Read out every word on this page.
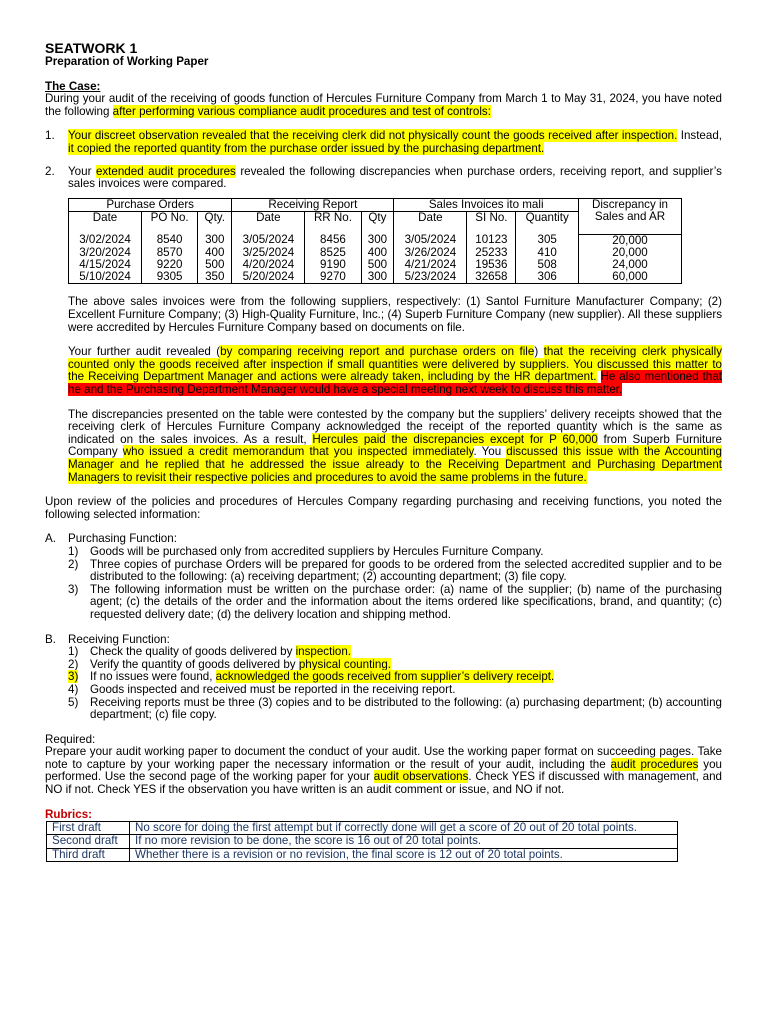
SEATWORK 1
Preparation of Working Paper
The Case:

During your audit of the receiving of goods function of Hercules Furniture Company from March 1 to May 31, 2024, you have noted the following after performing various compliance audit procedures and test of controls:

1.	Your discreet observation revealed that the receiving clerk did not physically count the goods received after inspection. Instead, it copied the reported quantity from the purchase order issued by the purchasing department.
2.	Your extended audit procedures revealed the following discrepancies when purchase orders, receiving report, and supplier’s sales invoices were compared.
Purchase Orders			Receiving Report			Sales Invoices ito mali			Discrepancy in
Sales and AR
Date	PO No.	Qty.	Date	RR No.	Qty	Date	SI No.	Quantity	

3/02/2024	8540	300	3/05/2024	8456	300	3/05/2024	10123	305	20,000
3/20/2024	8570	400	3/25/2024	8525	400	3/26/2024	25233	410	20,000
4/15/2024	9220	500	4/20/2024	9190	500	4/21/2024	19536	508	24,000
5/10/2024	9305	350	5/20/2024	9270	300	5/23/2024	32658	306	60,000

The above sales invoices were from the following suppliers, respectively: (1) Santol Furniture Manufacturer Company; (2) Excellent Furniture Company; (3) High-Quality Furniture, Inc.; (4) Superb Furniture Company (new supplier). All these suppliers were accredited by Hercules Furniture Company based on documents on file.

Your further audit revealed (by comparing receiving report and purchase orders on file) that the receiving clerk physically counted only the goods received after inspection if small quantities were delivered by suppliers. You discussed this matter to the Receiving Department Manager and actions were already taken, including by the HR department. He also mentioned that he and the Purchasing Department Manager would have a special meeting next week to discuss this matter.

The discrepancies presented on the table were contested by the company but the suppliers’ delivery receipts showed that the receiving clerk of Hercules Furniture Company acknowledged the receipt of the reported quantity which is the same as indicated on the sales invoices. As a result, Hercules paid the discrepancies except for P 60,000 from Superb Furniture Company who issued a credit memorandum that you inspected immediately. You discussed this issue with the Accounting Manager and he replied that he addressed the issue already to the Receiving Department and Purchasing Department Managers to revisit their respective policies and procedures to avoid the same problems in the future.

Upon review of the policies and procedures of Hercules Company regarding purchasing and receiving functions, you noted the following selected information:

A.	Purchasing Function:
1)	Goods will be purchased only from accredited suppliers by Hercules Furniture Company.
2)	Three copies of purchase Orders will be prepared for goods to be ordered from the selected accredited supplier and to be distributed to the following: (a) receiving department; (2) accounting department; (3) file copy.
3)	The following information must be written on the purchase order: (a) name of the supplier; (b) name of the purchasing agent; (c) the details of the order and the information about the items ordered like specifications, brand, and quantity; (c) requested delivery date; (d) the delivery location and shipping method.
B.	Receiving Function:
1)	Check the quality of goods delivered by inspection.
2)	Verify the quantity of goods delivered by physical counting.
3)	If no issues were found, acknowledged the goods received from supplier’s delivery receipt.
4)	Goods inspected and received must be reported in the receiving report.
5)	Receiving reports must be three (3) copies and to be distributed to the following: (a) purchasing department; (b) accounting department; (c) file copy.
Required:

Prepare your audit working paper to document the conduct of your audit. Use the working paper format on succeeding pages. Take note to capture by your working paper the necessary information or the result of your audit, including the audit procedures you performed. Use the second page of the working paper for your audit observations. Check YES if discussed with management, and NO if not. Check YES if the observation you have written is an audit comment or issue, and NO if not.

Rubrics:
First draft	No score for doing the first attempt but if correctly done will get a score of 20 out of 20 total points.
Second draft	If no more revision to be done, the score is 16 out of 20 total points.
Third draft	Whether there is a revision or no revision, the final score is 12 out of 20 total points.
